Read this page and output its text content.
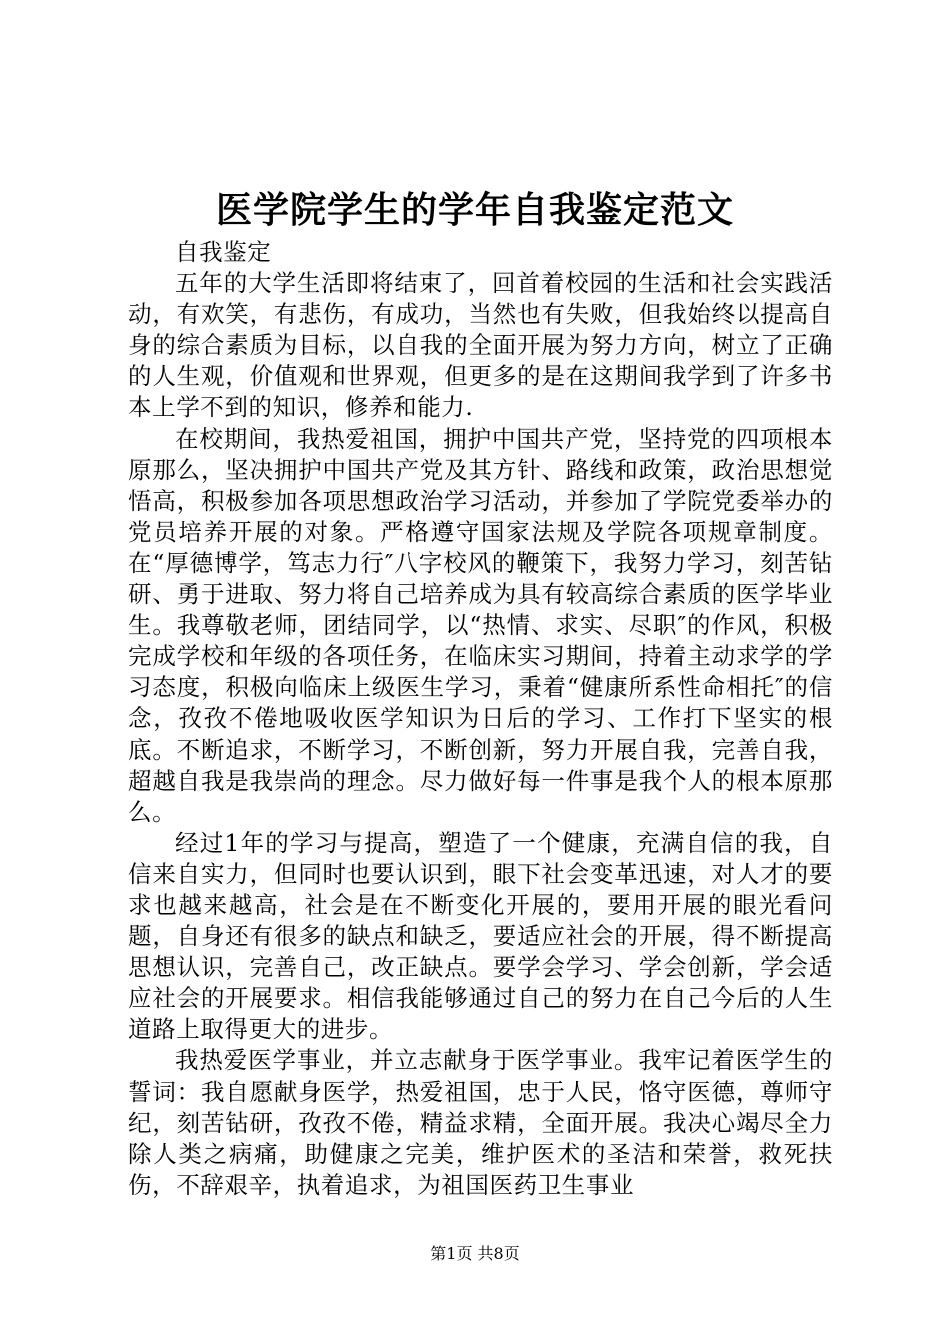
医学院学生的学年自我鉴定范文

自我鉴定

五年的大学生活即将结束了，回首着校园的生活和社会实践活动，有欢笑，有悲伤，有成功，当然也有失败，但我始终以提高自身的综合素质为目标，以自我的全面开展为努力方向，树立了正确的人生观，价值观和世界观，但更多的是在这期间我学到了许多书本上学不到的知识，修养和能力.

在校期间，我热爱祖国，拥护中国共产党，坚持党的四项根本原那么，坚决拥护中国共产党及其方针、路线和政策，政治思想觉悟高，积极参加各项思想政治学习活动，并参加了学院党委举办的党员培养开展的对象。严格遵守国家法规及学院各项规章制度。在“厚德博学，笃志力行″八字校风的鞭策下，我努力学习，刻苦钻研、勇于进取、努力将自己培养成为具有较高综合素质的医学毕业生。我尊敬老师，团结同学，以“热情、求实、尽职″的作风，积极完成学校和年级的各项任务，在临床实习期间，持着主动求学的学习态度，积极向临床上级医生学习，秉着“健康所系性命相托″的信念，孜孜不倦地吸收医学知识为日后的学习、工作打下坚实的根底。不断追求，不断学习，不断创新，努力开展自我，完善自我，超越自我是我崇尚的理念。尽力做好每一件事是我个人的根本原那么。

经过1年的学习与提高，塑造了一个健康，充满自信的我，自信来自实力，但同时也要认识到，眼下社会变革迅速，对人才的要求也越来越高，社会是在不断变化开展的，要用开展的眼光看问题，自身还有很多的缺点和缺乏，要适应社会的开展，得不断提高思想认识，完善自己，改正缺点。要学会学习、学会创新，学会适应社会的开展要求。相信我能够通过自己的努力在自己今后的人生道路上取得更大的进步。

我热爱医学事业，并立志献身于医学事业。我牢记着医学生的誓词：我自愿献身医学，热爱祖国，忠于人民，恪守医德，尊师守纪，刻苦钻研，孜孜不倦，精益求精，全面开展。我决心竭尽全力除人类之病痛，助健康之完美，维护医术的圣洁和荣誉，救死扶伤，不辞艰辛，执着追求，为祖国医药卫生事业

第1页 共8页
